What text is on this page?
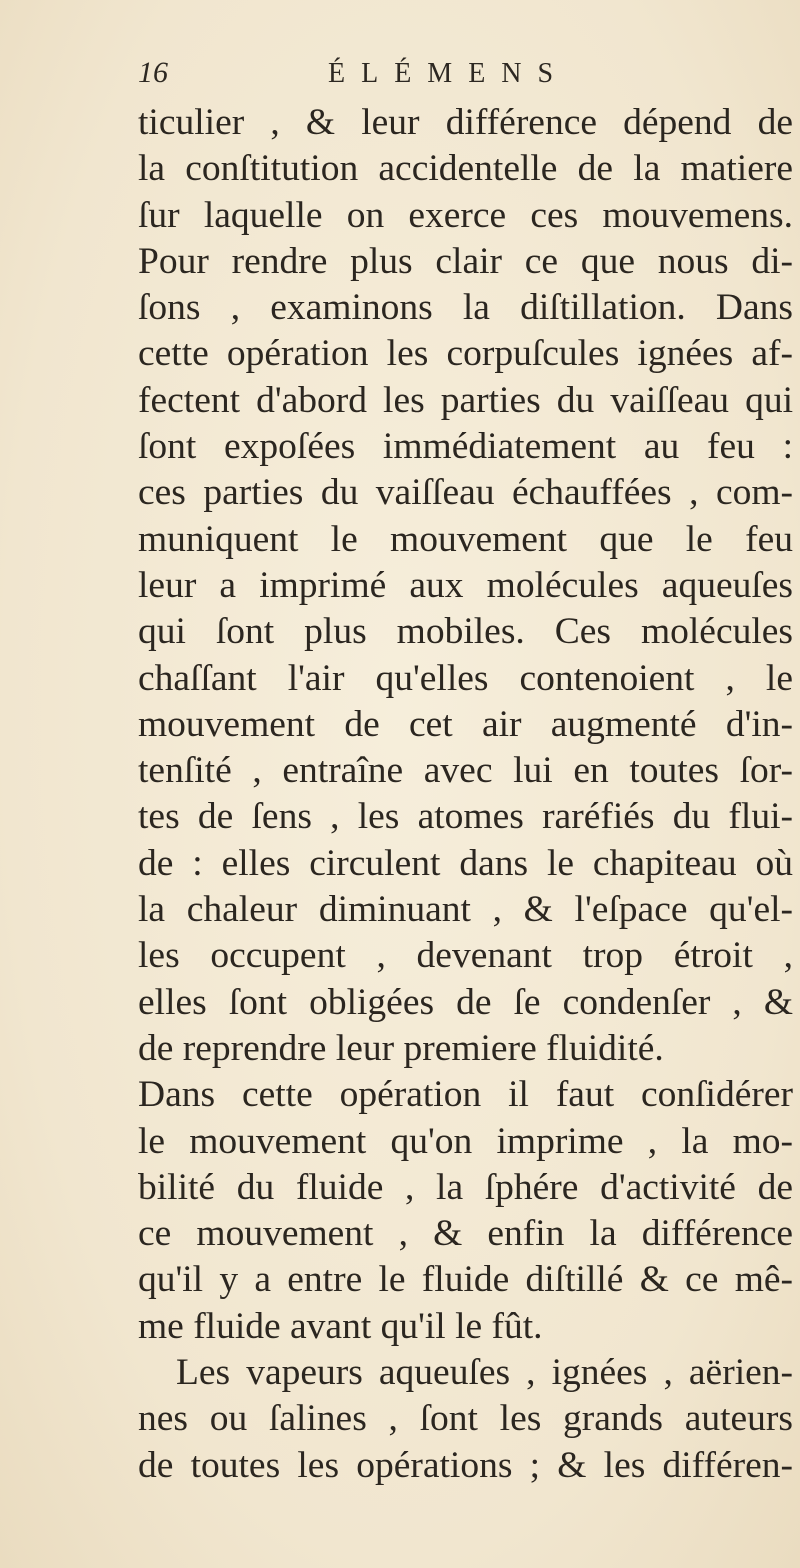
16	ÉLÉMENS
ticulier , & leur différence dépend de
la conſtitution accidentelle de la matiere
ſur laquelle on exerce ces mouvemens.
Pour rendre plus clair ce que nous di-
ſons , examinons la diſtillation. Dans
cette opération les corpuſcules ignées af-
fectent d'abord les parties du vaiſſeau qui
ſont expoſées immédiatement au feu :
ces parties du vaiſſeau échauffées , com-
muniquent le mouvement que le feu
leur a imprimé aux molécules aqueuſes
qui ſont plus mobiles. Ces molécules
chaſſant l'air qu'elles contenoient , le
mouvement de cet air augmenté d'in-
tenſité , entraîne avec lui en toutes ſor-
tes de ſens , les atomes raréfiés du flui-
de : elles circulent dans le chapiteau où
la chaleur diminuant , & l'eſpace qu'el-
les occupent , devenant trop étroit ,
elles ſont obligées de ſe condenſer , &
de reprendre leur premiere fluidité.
Dans cette opération il faut conſidérer
le mouvement qu'on imprime , la mo-
bilité du fluide , la ſphére d'activité de
ce mouvement , & enfin la différence
qu'il y a entre le fluide diſtillé & ce mê-
me fluide avant qu'il le fût.
Les vapeurs aqueuſes , ignées , aërien-
nes ou ſalines , ſont les grands auteurs
de toutes les opérations ; & les différen-
